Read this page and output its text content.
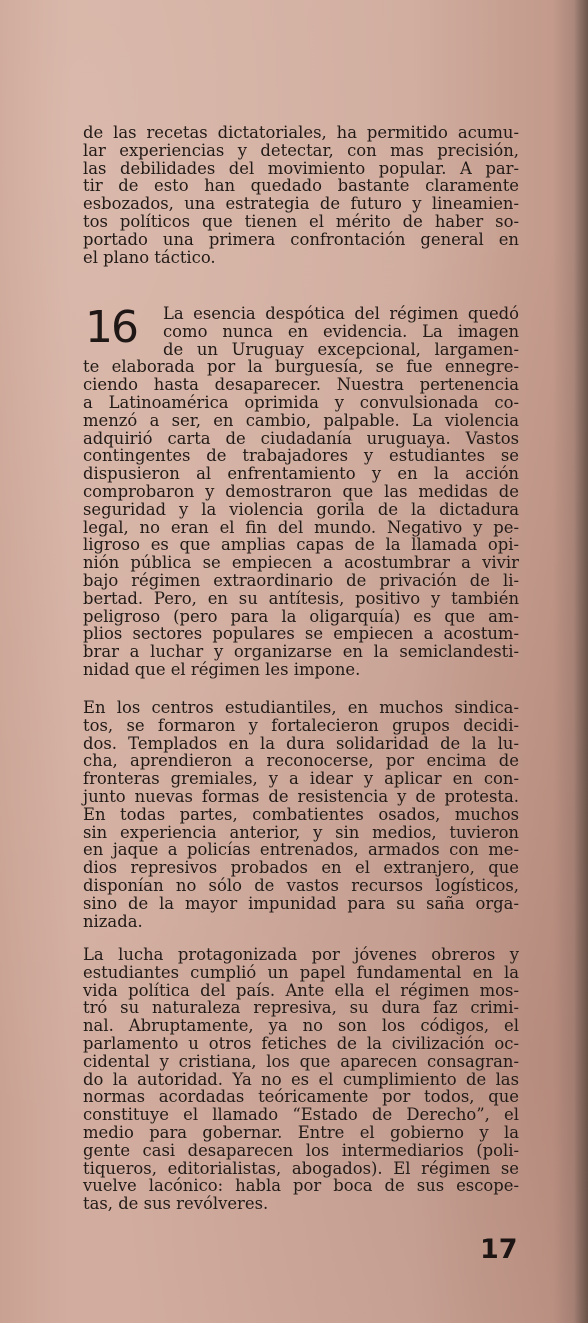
de las recetas dictatoriales, ha permitido acumu-
lar experiencias y detectar, con mas precisión,
las debilidades del movimiento popular. A par-
tir de esto han quedado bastante claramente
esbozados, una estrategia de futuro y lineamien-
tos políticos que tienen el mérito de haber so-
portado una primera confrontación general en
el plano táctico.
16	La esencia despótica del régimen quedó
como nunca en evidencia. La imagen
de un Uruguay excepcional, largamen-
te elaborada por la burguesía, se fue ennegre-
ciendo hasta desaparecer. Nuestra pertenencia
a Latinoamérica oprimida y convulsionada co-
menzó a ser, en cambio, palpable. La violencia
adquirió carta de ciudadanía uruguaya. Vastos
contingentes de trabajadores y estudiantes se
dispusieron al enfrentamiento y en la acción
comprobaron y demostraron que las medidas de
seguridad y la violencia gorila de la dictadura
legal, no eran el fin del mundo. Negativo y pe-
ligroso es que amplias capas de la llamada opi-
nión pública se empiecen a acostumbrar a vivir
bajo régimen extraordinario de privación de li-
bertad. Pero, en su antítesis, positivo y también
peligroso (pero para la oligarquía) es que am-
plios sectores populares se empiecen a acostum-
brar a luchar y organizarse en la semiclandesti-
nidad que el régimen les impone.
En los centros estudiantiles, en muchos sindica-
tos, se formaron y fortalecieron grupos decidi-
dos. Templados en la dura solidaridad de la lu-
cha, aprendieron a reconocerse, por encima de
fronteras gremiales, y a idear y aplicar en con-
junto nuevas formas de resistencia y de protesta.
En todas partes, combatientes osados, muchos
sin experiencia anterior, y sin medios, tuvieron
en jaque a policías entrenados, armados con me-
dios represivos probados en el extranjero, que
disponían no sólo de vastos recursos logísticos,
sino de la mayor impunidad para su saña orga-
nizada.
La lucha protagonizada por jóvenes obreros y
estudiantes cumplió un papel fundamental en la
vida política del país. Ante ella el régimen mos-
tró su naturaleza represiva, su dura faz crimi-
nal. Abruptamente, ya no son los códigos, el
parlamento u otros fetiches de la civilización oc-
cidental y cristiana, los que aparecen consagran-
do la autoridad. Ya no es el cumplimiento de las
normas acordadas teóricamente por todos, que
constituye el llamado “Estado de Derecho”, el
medio para gobernar. Entre el gobierno y la
gente casi desaparecen los intermediarios (poli-
tiqueros, editorialistas, abogados). El régimen se
vuelve lacónico: habla por boca de sus escope-
tas, de sus revólveres.
17
